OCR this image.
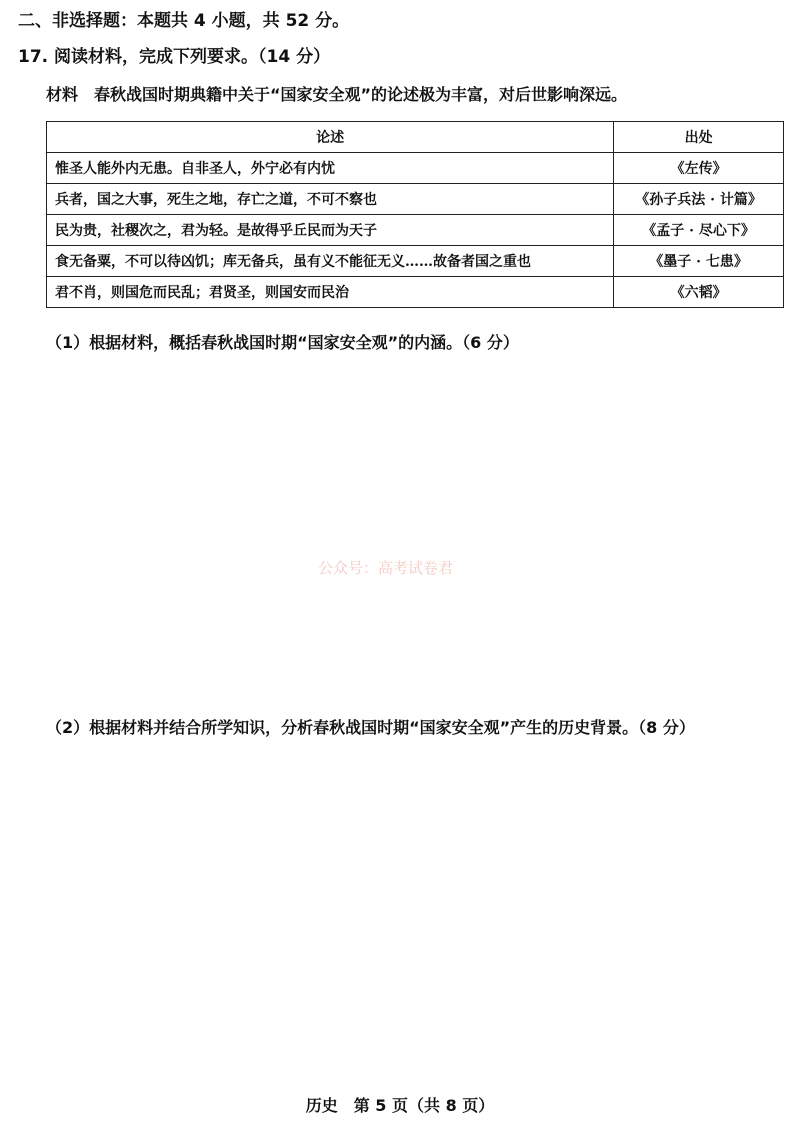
二、非选择题：本题共 4 小题，共 52 分。
17. 阅读材料，完成下列要求。（14 分）
材料 春秋战国时期典籍中关于“国家安全观”的论述极为丰富，对后世影响深远。
论述	出处
惟圣人能外内无患。自非圣人，外宁必有内忧	《左传》
兵者，国之大事，死生之地，存亡之道，不可不察也	《孙子兵法 · 计篇》
民为贵，社稷次之，君为轻。是故得乎丘民而为天子	《孟子 · 尽心下》
食无备粟，不可以待凶饥；库无备兵，虽有义不能征无义……故备者国之重也	《墨子 · 七患》
君不肖，则国危而民乱；君贤圣，则国安而民治	《六韬》
（1）根据材料，概括春秋战国时期“国家安全观”的内涵。（6 分）
公众号：高考试卷君
（2）根据材料并结合所学知识，分析春秋战国时期“国家安全观”产生的历史背景。（8 分）
历史　第 5 页（共 8 页）
